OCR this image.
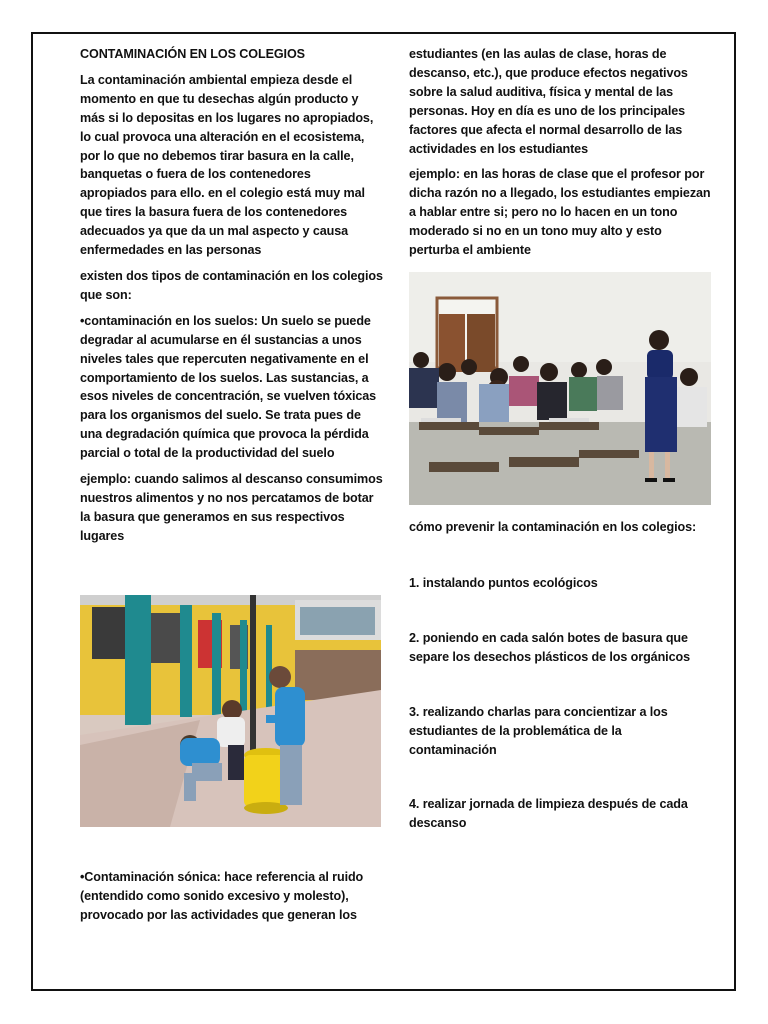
CONTAMINACIÓN EN LOS COLEGIOS

La contaminación ambiental empieza desde el
momento en que tu desechas algún producto y
más si lo depositas en los lugares no apropiados,
lo cual provoca una alteración en el ecosistema,
por lo que no debemos tirar basura en la calle,
banquetas o fuera de los contenedores
apropiados para ello. en el colegio está muy mal
que tires la basura fuera de los contenedores
adecuados ya que da un mal aspecto y causa
enfermedades en las personas

existen dos tipos de contaminación en los colegios
que son:

•contaminación en los suelos: Un suelo se puede
degradar al acumularse en él sustancias a unos
niveles tales que repercuten negativamente en el
comportamiento de los suelos. Las sustancias, a
esos niveles de concentración, se vuelven tóxicas
para los organismos del suelo. Se trata pues de
una degradación química que provoca la pérdida
parcial o total de la productividad del suelo

ejemplo: cuando salimos al descanso consumimos
nuestros alimentos y no nos percatamos de botar
la basura que generamos en sus respectivos
lugares

•Contaminación sónica: hace referencia al ruido
(entendido como sonido excesivo y molesto),
provocado por las actividades que generan los

estudiantes (en las aulas de clase, horas de
descanso, etc.), que produce efectos negativos
sobre la salud auditiva, física y mental de las
personas. Hoy en día es uno de los principales
factores que afecta el normal desarrollo de las
actividades en los estudiantes

ejemplo: en las horas de clase que el profesor por
dicha razón no a llegado, los estudiantes empiezan
a hablar entre si; pero no lo hacen en un tono
moderado si no en un tono muy alto y esto
perturba el ambiente

cómo prevenir la contaminación en los colegios:

1. instalando puntos ecológicos

2. poniendo en cada salón botes de basura que
separe los desechos plásticos de los orgánicos

3. realizando charlas para concientizar a los
estudiantes de la problemática de la
contaminación

4. realizar jornada de limpieza después de cada
descanso
